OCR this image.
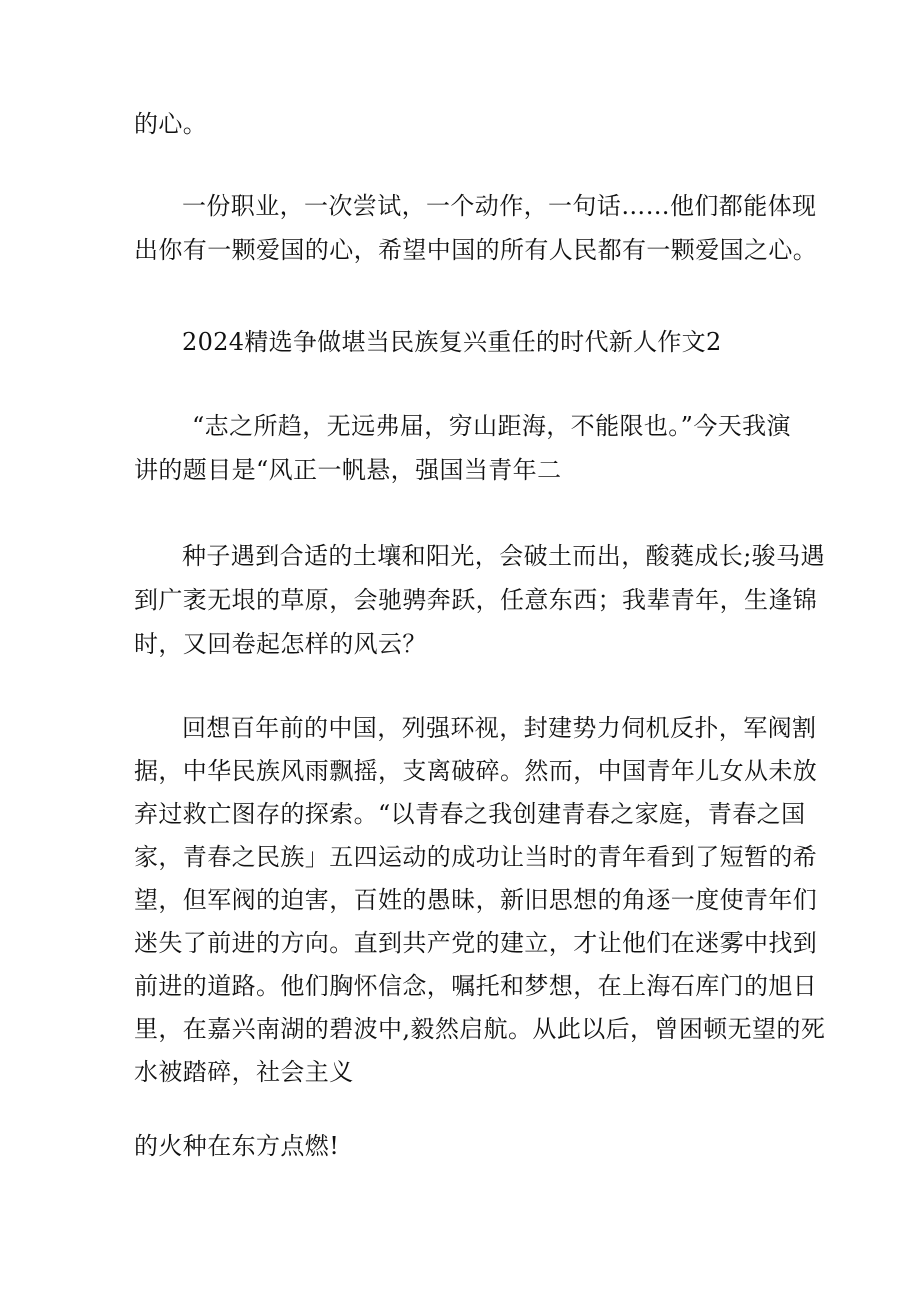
的心。
一份职业，一次尝试，一个动作，一句话……他们都能体现
出你有一颗爱国的心，希望中国的所有人民都有一颗爱国之心。
2024精选争做堪当民族复兴重任的时代新人作文2
“志之所趋，无远弗届，穷山距海，不能限也。”今天我演
讲的题目是“风正一帆悬，强国当青年二
种子遇到合适的土壤和阳光，会破土而出，酸蕤成长;骏马遇
到广袤无垠的草原，会驰骋奔跃，任意东西；我辈青年，生逢锦
时，又回卷起怎样的风云？
回想百年前的中国，列强环视，封建势力伺机反扑，军阀割
据，中华民族风雨飘摇，支离破碎。然而，中国青年儿女从未放
弃过救亡图存的探索。“以青春之我创建青春之家庭，青春之国
家，青春之民族」五四运动的成功让当时的青年看到了短暂的希
望，但军阀的迫害，百姓的愚昧，新旧思想的角逐一度使青年们
迷失了前进的方向。直到共产党的建立，才让他们在迷雾中找到
前进的道路。他们胸怀信念，嘱托和梦想，在上海石库门的旭日
里，在嘉兴南湖的碧波中,毅然启航。从此以后，曾困顿无望的死
水被踏碎，社会主义
的火种在东方点燃!
